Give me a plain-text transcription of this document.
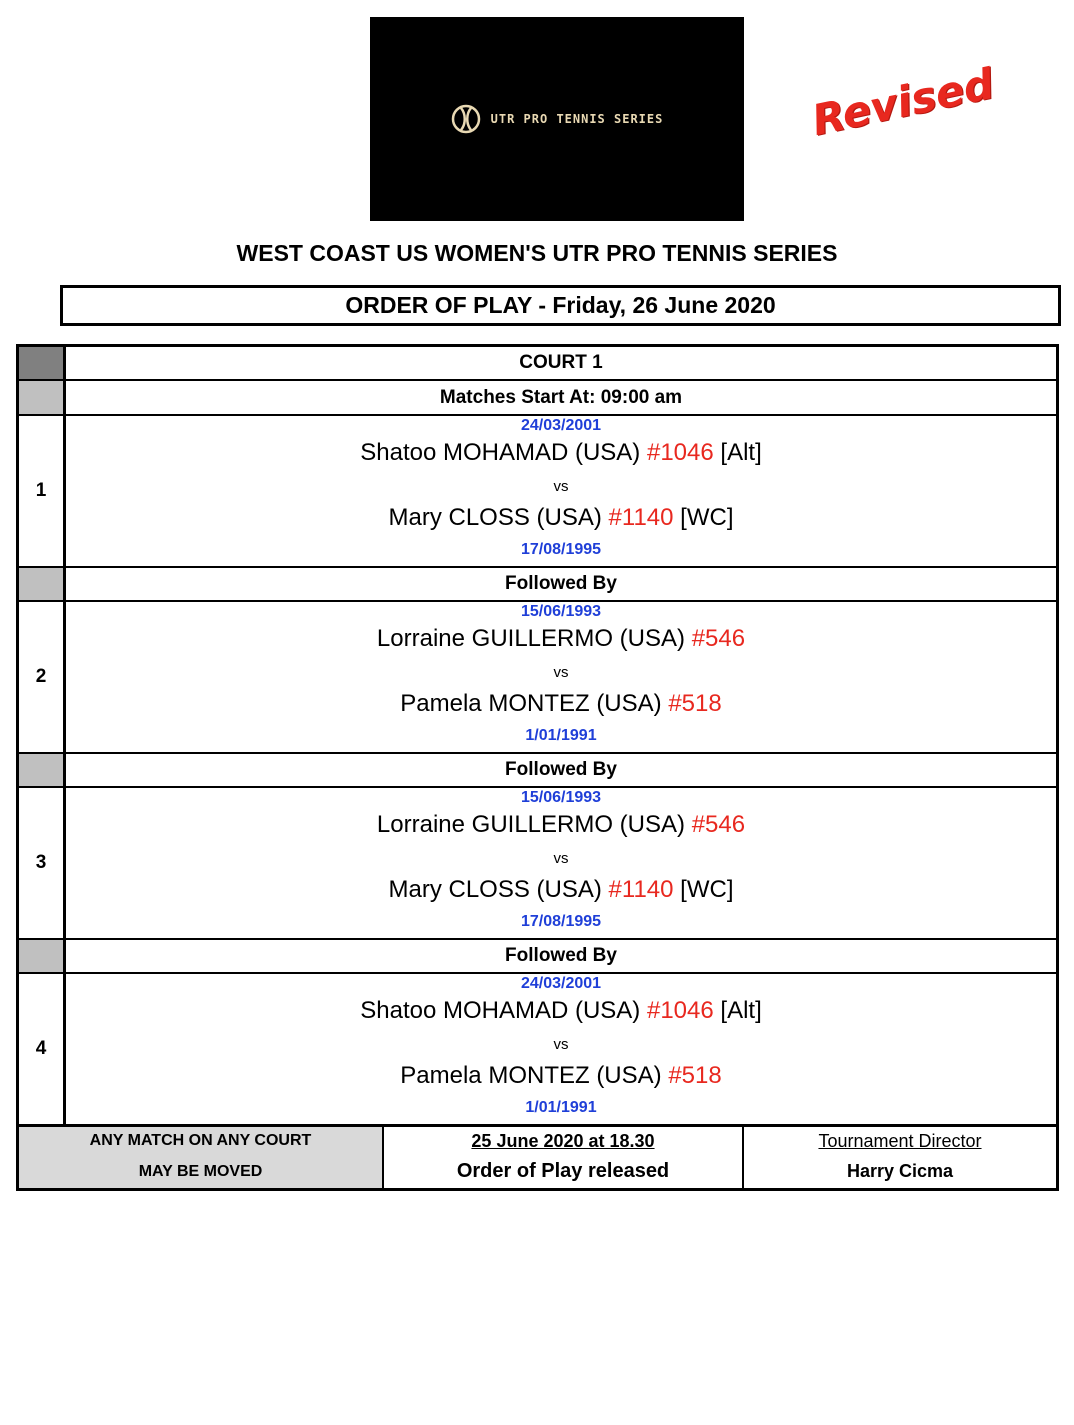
UTR PRO TENNIS SERIES	Revised
WEST COAST US WOMEN'S UTR PRO TENNIS SERIES
ORDER OF PLAY - Friday, 26 June 2020
COURT 1
Matches Start At: 09:00 am
1
24/03/2001
Shatoo MOHAMAD (USA) #1046 [Alt]
vs
Mary CLOSS (USA) #1140 [WC]
17/08/1995
Followed By
2
15/06/1993
Lorraine GUILLERMO (USA) #546
vs
Pamela MONTEZ (USA) #518
1/01/1991
Followed By
3
15/06/1993
Lorraine GUILLERMO (USA) #546
vs
Mary CLOSS (USA) #1140 [WC]
17/08/1995
Followed By
4
24/03/2001
Shatoo MOHAMAD (USA) #1046 [Alt]
vs
Pamela MONTEZ (USA) #518
1/01/1991
ANY MATCH ON ANY COURT
MAY BE MOVED
25 June 2020 at 18.30
Order of Play released
Tournament Director
Harry Cicma
